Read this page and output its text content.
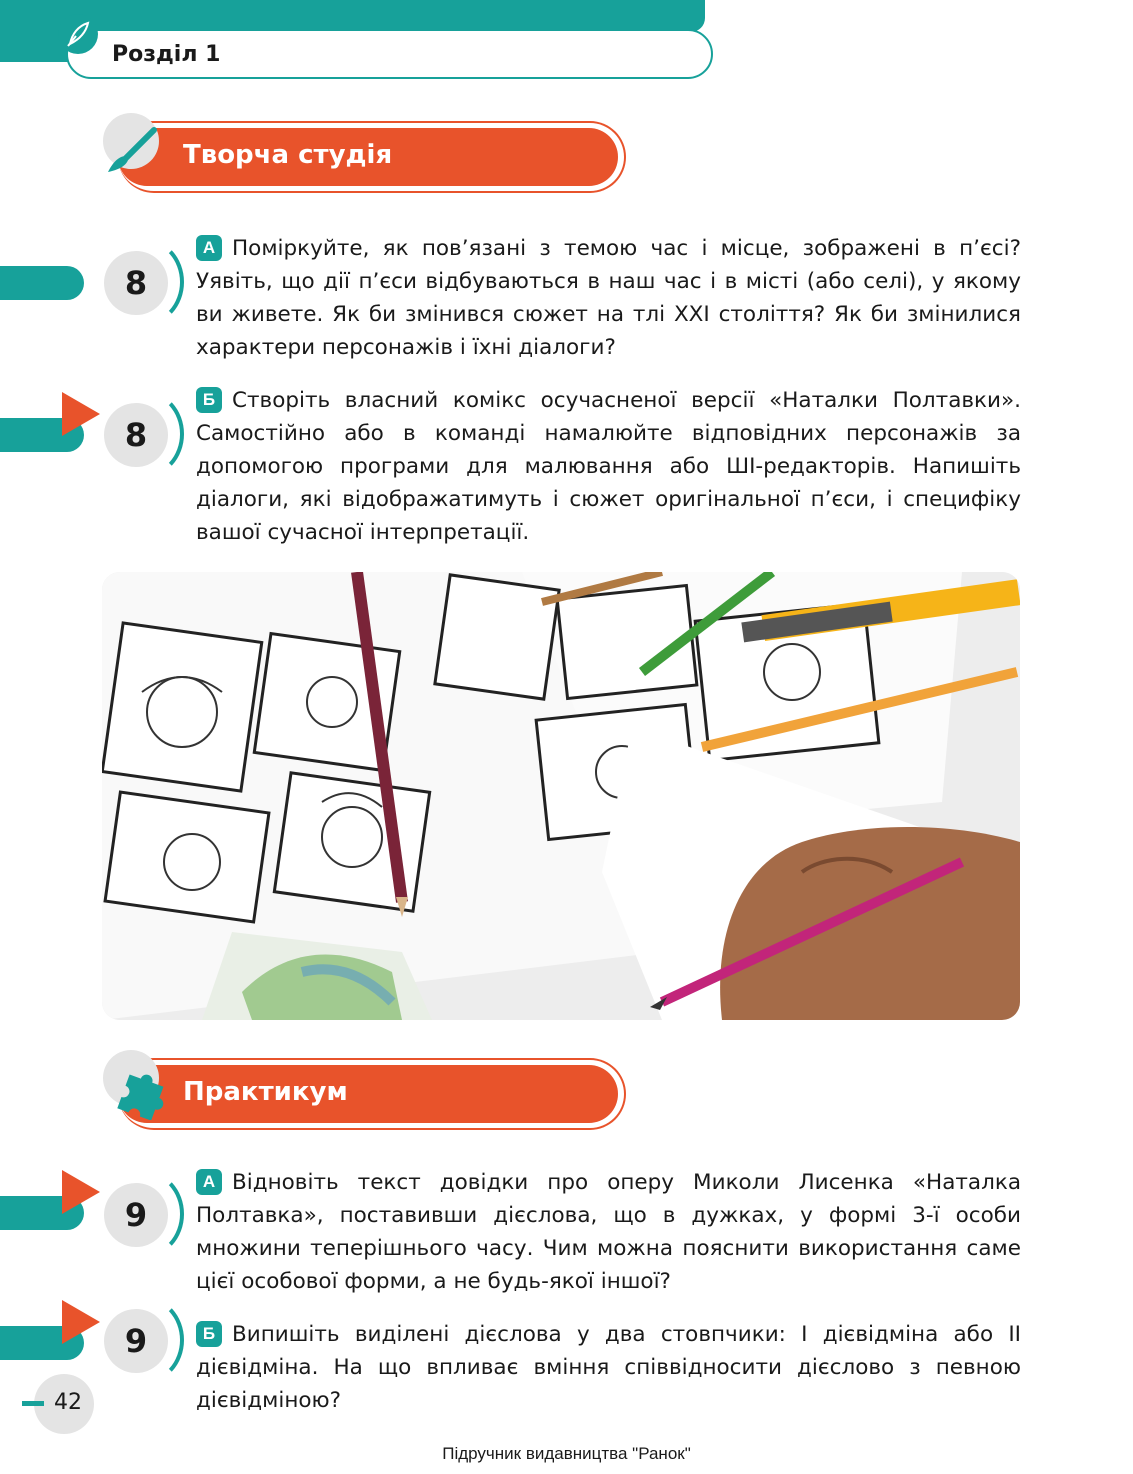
Розділ 1
Творча студія
8
А Поміркуйте, як пов’язані з темою час і місце, зображені в п’єсі? Уявіть, що дії п’єси відбуваються в наш час і в місті (або селі), у якому ви живете. Як би змінився сюжет на тлі XXI століття? Як би змінилися характери персонажів і їхні діалоги?
8
Б Створіть власний комікс осучасненої версії «Наталки Полтавки». Самостійно або в команді намалюйте відповідних персонажів за допомогою програми для малювання або ШІ-редакторів. Напишіть діалоги, які відображатимуть і сюжет оригінальної п’єси, і специфіку вашої сучасної інтерпретації.
Практикум
9
А Відновіть текст довідки про оперу Миколи Лисенка «Наталка Полтавка», поставивши дієслова, що в дужках, у формі 3-ї особи множини теперішнього часу. Чим можна пояснити використання саме цієї особової форми, а не будь-якої іншої?
9	Б Випишіть виділені дієслова у два стовпчики: I дієвідміна або II дієвідміна. На що впливає вміння співвідносити дієслово з певною дієвідміною?
42
Підручник видавництва "Ранок"
